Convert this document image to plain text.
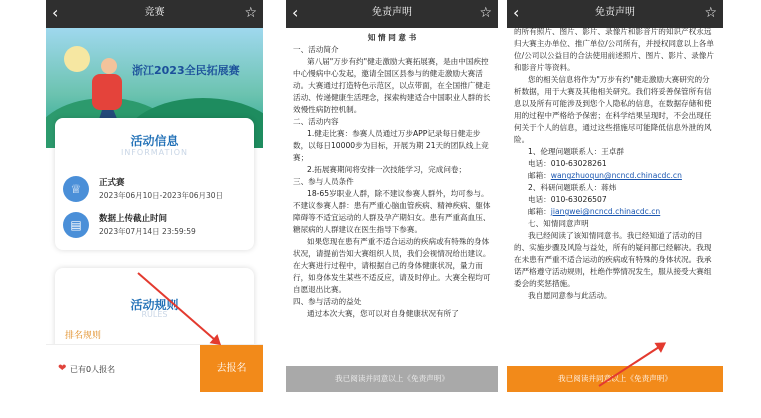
‹	竞赛	☆
浙江2023全民拓展赛
活动信息
INFORMATION
♕	正式赛
2023年06月10日-2023年06月30日
▤	数据上传截止时间
2023年07月14日 23:59:59
活动规则
RULES
排名规则
❤ 已有0人报名	去报名
‹	免责声明	☆

知 情 同 意 书

一、活动简介

第八届"万步有约"健走激励大赛拓展赛，是由中国疾控中心慢病中心发起，邀请全国区县参与的健走激励大赛活动。大赛通过打造特色示范区，以点带面，在全国推广健走活动、传递健康生活理念，探索构建适合中国职业人群的长效慢性病防控机制。

二、活动内容

1.健走比赛：参赛人员通过万步APP记录每日健走步数，以每日10000步为目标，开展为期 21天的团队线上竞赛；

2.拓展赛期间将安排一次技能学习，完成问卷；

三、参与人员条件

18-65岁职业人群，除不建议参赛人群外，均可参与。不建议参赛人群：患有严重心脑血管疾病、精神疾病、躯体障碍等不适宜运动的人群及孕产期妇女。患有严重高血压、糖尿病的人群建议在医生指导下参赛。

如果您现在患有严重不适合运动的疾病或有特殊的身体状况，请提前告知大赛组织人员，我们会视情况给出建议。在大赛进行过程中，请根据自己的身体健康状况，量力而行，如身体发生某些不适反应，请及时停止。大赛全程均可自愿退出比赛。

四、参与活动的益处

通过本次大赛，您可以对自身健康状况有所了

我已阅读并同意以上《免责声明》
‹	免责声明	☆

的所有照片、图片、影片、录像片和影音片的知识产权永远归大赛主办单位、推广单位/公司所有，并授权同意以上各单位/公司以公益目的合法使用前述照片、图片、影片、录像片和影音片等资料。

您的相关信息将作为"万步有约"健走激励大赛研究的分析数据，用于大赛及其他相关研究。我们将妥善保管所有信息以及所有可能涉及到您个人隐私的信息，在数据存储和使用的过程中严格给予保密；在科学结果呈现时，不会出现任何关于个人的信息，通过这些措施尽可能降低信息外泄的风险。

1、伦理问题联系人：王卓群

电话：010-63028261

邮箱：wangzhuoqun@ncncd.chinacdc.cn

2、科研问题联系人：蒋炜

电话：010-63026507

邮箱：jiangwei@ncncd.chinacdc.cn

七、知情同意声明

我已经阅读了该知情同意书。我已经知道了活动的目的、实施步骤及风险与益处，所有的疑问都已经解决。我现在未患有严重不适合运动的疾病或有特殊的身体状况。我承诺严格遵守活动规则，杜绝作弊情况发生，服从接受大赛组委会的奖惩措施。

我自愿同意参与此活动。

我已阅读并同意以上《免责声明》
